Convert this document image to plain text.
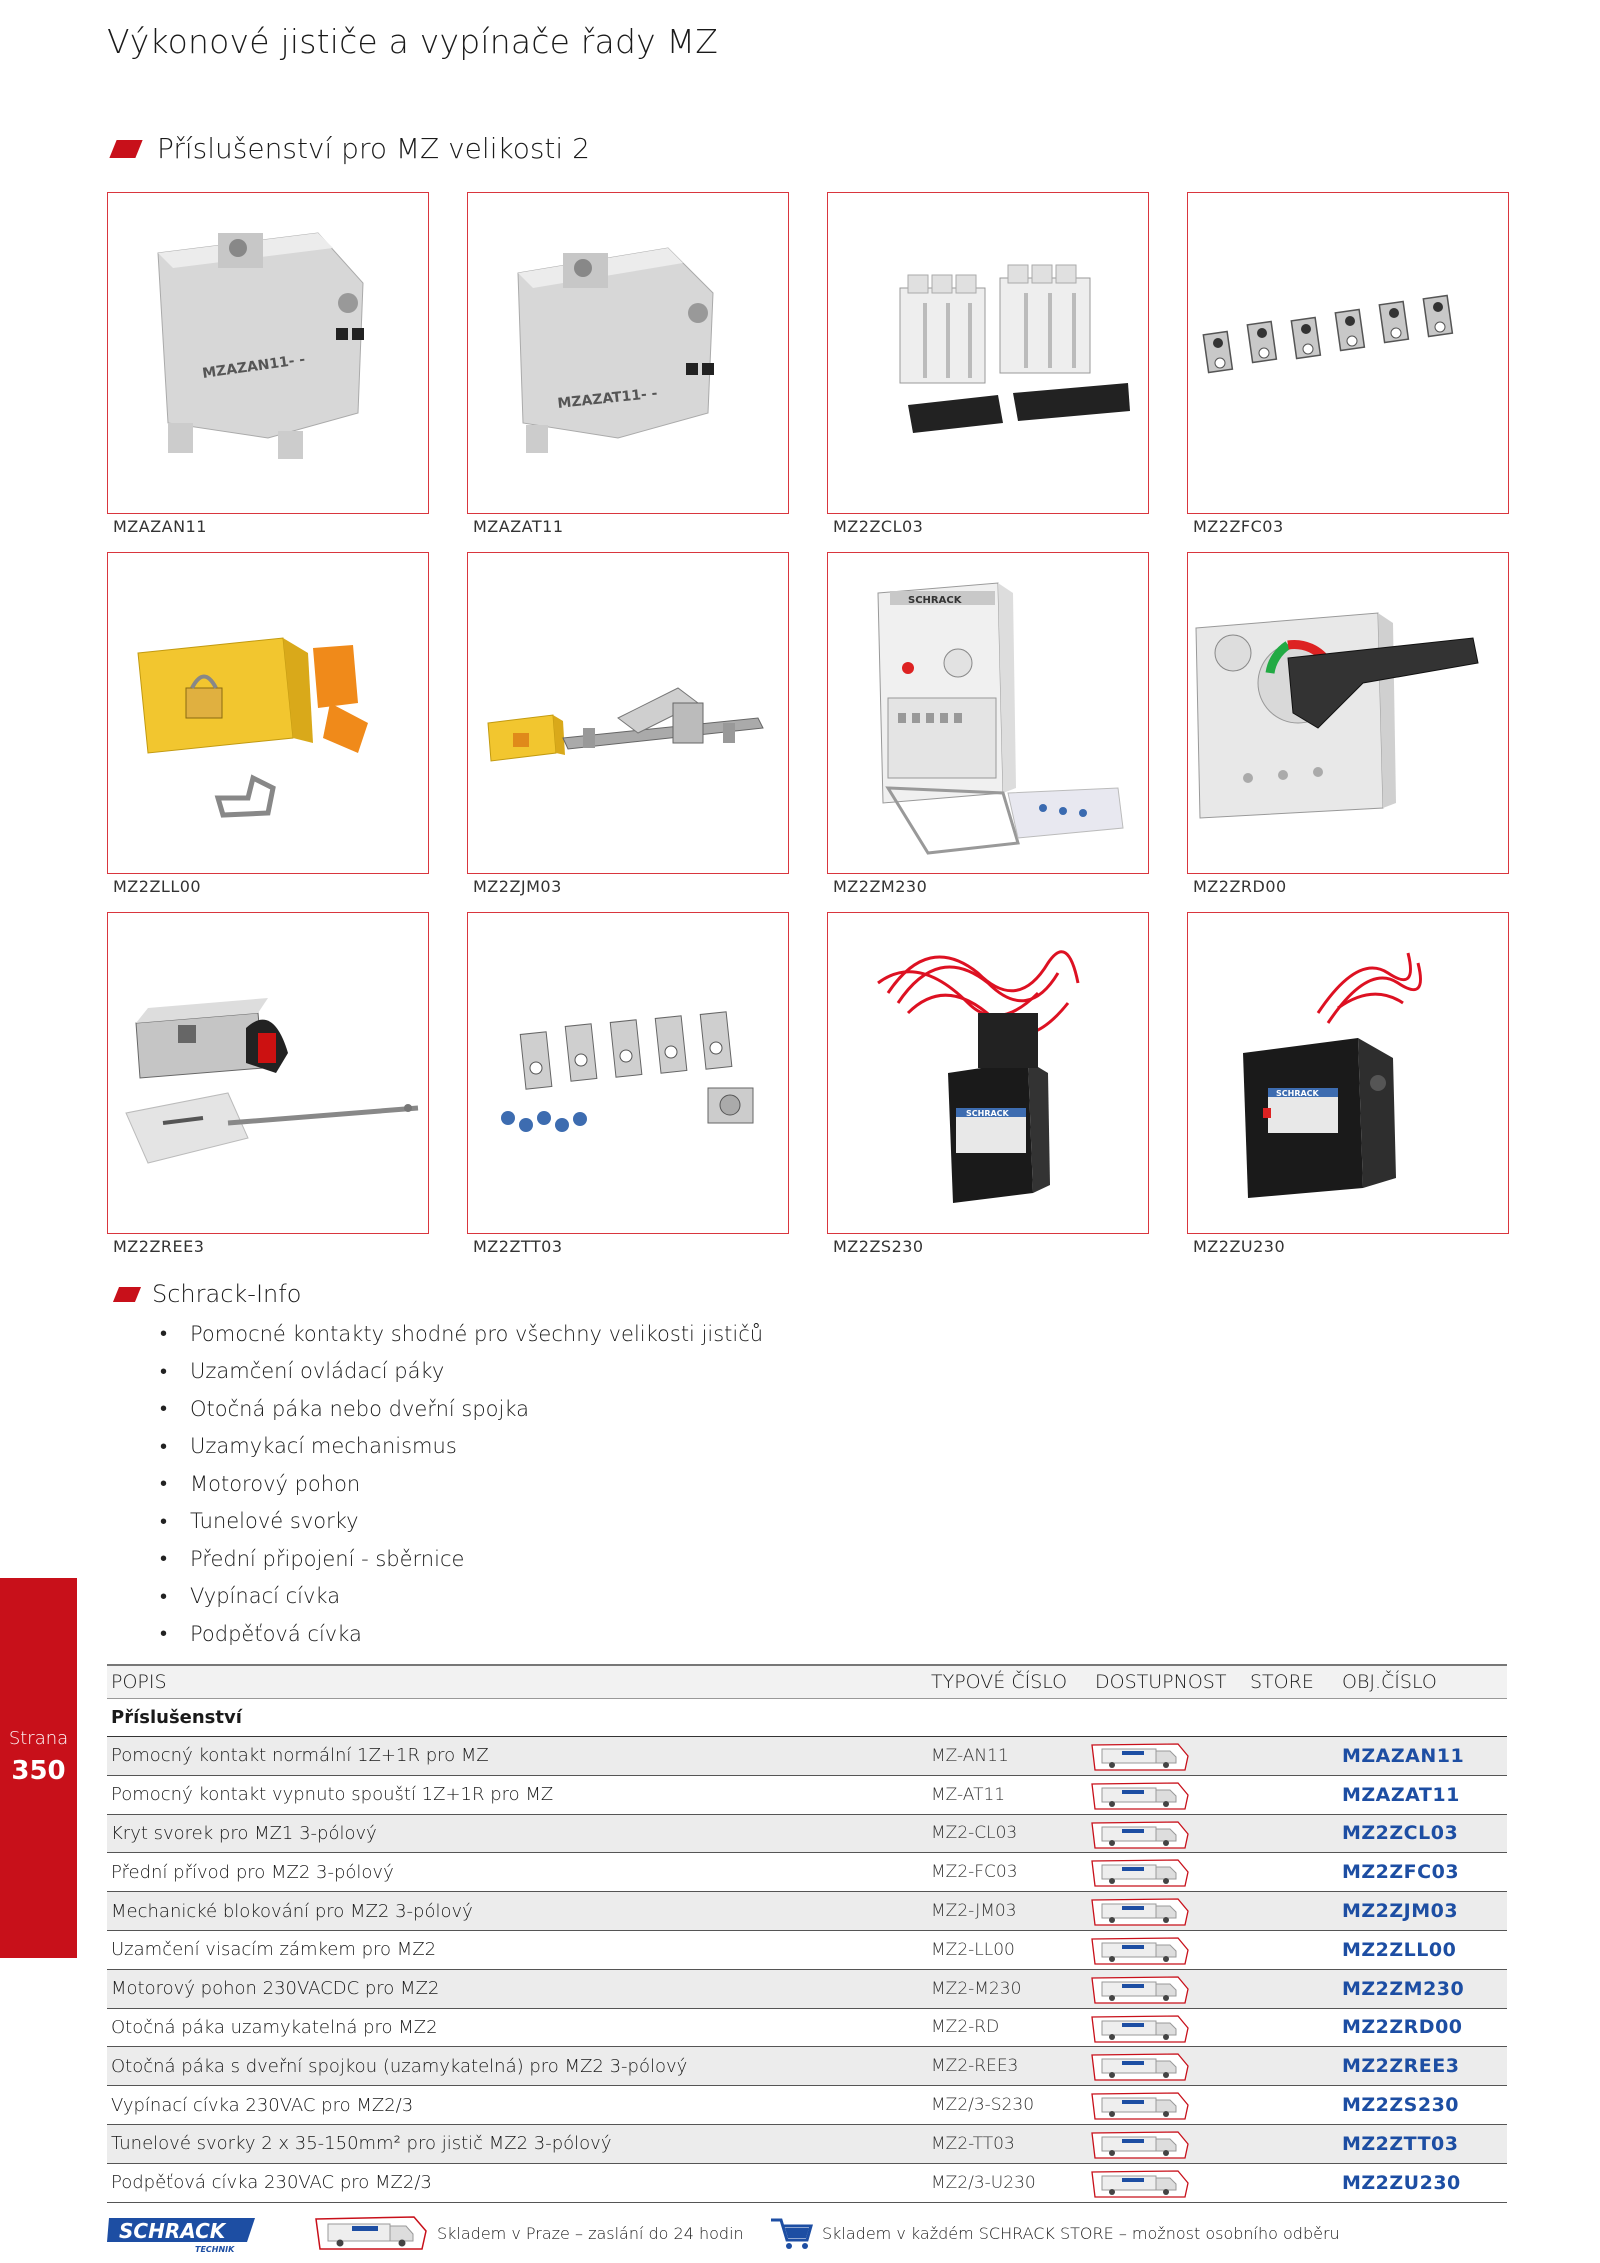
Výkonové jističe a vypínače řady MZ
Příslušenství pro MZ velikosti 2
MZAZAN11- -
MZAZAN11
MZAZAT11- -
MZAZAT11	MZ2ZCL03	MZ2ZFC03
MZ2ZLL00	MZ2ZJM03
SCHRACK
MZ2ZM230	MZ2ZRD00
MZ2ZREE3	MZ2ZTT03
SCHRACK
MZ2ZS230
SCHRACK
MZ2ZU230
Schrack-Info
•	Pomocné kontakty shodné pro všechny velikosti jističů
•	Uzamčení ovládací páky
•	Otočná páka nebo dveřní spojka
•	Uzamykací mechanismus
•	Motorový pohon
•	Tunelové svorky
•	Přední připojení - sběrnice
•	Vypínací cívka
•	Podpěťová cívka
Strana
350
POPIS	TYPOVÉ ČÍSLO DOSTUPNOST STORE OBJ.ČÍSLO
Příslušenství
Pomocný kontakt normální 1Z+1R pro MZ	MZ-AN11	MZAZAN11
Pomocný kontakt vypnuto spouští 1Z+1R pro MZ	MZ-AT11	MZAZAT11
Kryt svorek pro MZ1 3-pólový	MZ2-CL03	MZ2ZCL03
Přední přívod pro MZ2 3-pólový	MZ2-FC03	MZ2ZFC03
Mechanické blokování pro MZ2 3-pólový	MZ2-JM03	MZ2ZJM03
Uzamčení visacím zámkem pro MZ2	MZ2-LL00	MZ2ZLL00
Motorový pohon 230VACDC pro MZ2	MZ2-M230	MZ2ZM230
Otočná páka uzamykatelná pro MZ2	MZ2-RD	MZ2ZRD00
Otočná páka s dveřní spojkou (uzamykatelná) pro MZ2 3-pólový	MZ2-REE3	MZ2ZREE3
Vypínací cívka 230VAC pro MZ2/3	MZ2/3-S230	MZ2ZS230
Tunelové svorky 2 x 35-150mm² pro jistič MZ2 3-pólový	MZ2-TT03	MZ2ZTT03
Podpěťová cívka 230VAC pro MZ2/3	MZ2/3-U230	MZ2ZU230
SCHRACK
TECHNIK
Skladem v Praze – zaslání do 24 hodin	Skladem v každém SCHRACK STORE – možnost osobního odběru
